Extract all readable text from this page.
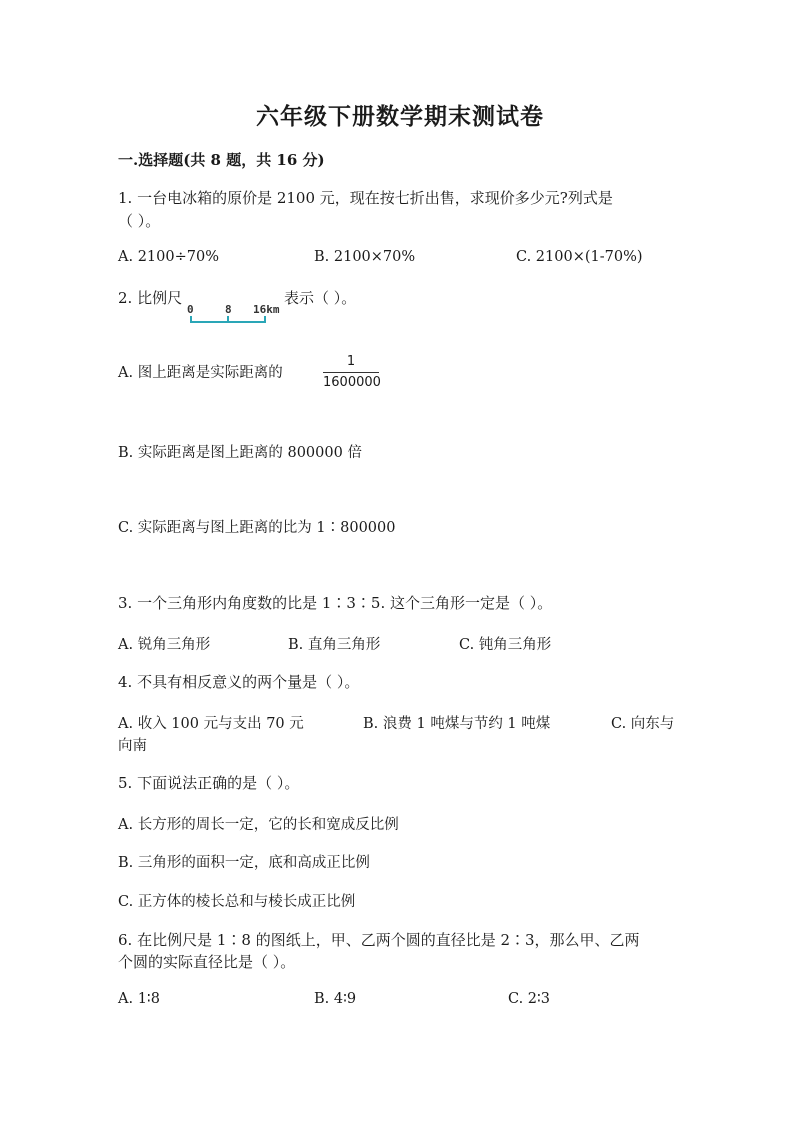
六年级下册数学期末测试卷
一.选择题(共 8 题，共 16 分)
1. 一台电冰箱的原价是 2100 元，现在按七折出售，求现价多少元?列式是
（ ）。
A. 2100÷70%	B. 2100×70%	C. 2100×(1-70%)
2. 比例尺
0	8 16km
表示（ ）。
A. 图上距离是实际距离的
1
1600000
B. 实际距离是图上距离的 800000 倍
C. 实际距离与图上距离的比为 1∶800000
3. 一个三角形内角度数的比是 1∶3∶5. 这个三角形一定是（ ）。
A. 锐角三角形	B. 直角三角形	C. 钝角三角形
4. 不具有相反意义的两个量是（ ）。
A. 收入 100 元与支出 70 元	B. 浪费 1 吨煤与节约 1 吨煤	C. 向东与
向南
5. 下面说法正确的是（ ）。
A. 长方形的周长一定，它的长和宽成反比例
B. 三角形的面积一定，底和高成正比例
C. 正方体的棱长总和与棱长成正比例
6. 在比例尺是 1∶8 的图纸上，甲、乙两个圆的直径比是 2∶3，那么甲、乙两
个圆的实际直径比是（ ）。
A. 1∶8	B. 4∶9	C. 2∶3
